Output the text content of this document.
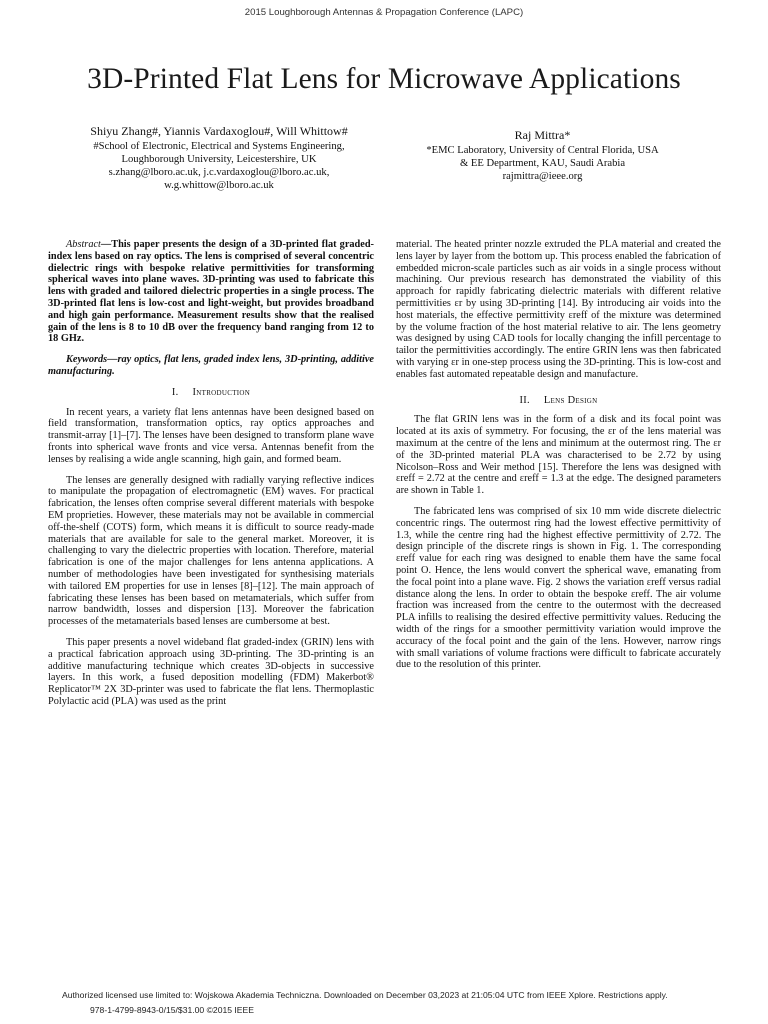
2015 Loughborough Antennas & Propagation Conference (LAPC)
3D-Printed Flat Lens for Microwave Applications
Shiyu Zhang#, Yiannis Vardaxoglou#, Will Whittow#
#School of Electronic, Electrical and Systems Engineering,
Loughborough University, Leicestershire, UK
s.zhang@lboro.ac.uk, j.c.vardaxoglou@lboro.ac.uk,
w.g.whittow@lboro.ac.uk
Raj Mittra*
*EMC Laboratory, University of Central Florida, USA
& EE Department, KAU, Saudi Arabia
rajmittra@ieee.org

Abstract—This paper presents the design of a 3D-printed flat graded-index lens based on ray optics. The lens is comprised of several concentric dielectric rings with bespoke relative permittivities for transforming spherical waves into plane waves. 3D-printing was used to fabricate this lens with graded and tailored dielectric properties in a single process. The 3D-printed flat lens is low-cost and light-weight, but provides broadband and high gain performance. Measurement results show that the realised gain of the lens is 8 to 10 dB over the frequency band ranging from 12 to 18 GHz.

Keywords—ray optics, flat lens, graded index lens, 3D-printing, additive manufacturing.

I. Introduction

In recent years, a variety flat lens antennas have been designed based on field transformation, transformation optics, ray optics approaches and transmit-array [1]–[7]. The lenses have been designed to transform plane wave fronts into spherical wave fronts and vice versa. Antennas benefit from the lenses by realising a wide angle scanning, high gain, and formed beam.

The lenses are generally designed with radially varying reflective indices to manipulate the propagation of electromagnetic (EM) waves. For practical fabrication, the lenses often comprise several different materials with bespoke EM proprieties. However, these materials may not be available in commercial off-the-shelf (COTS) form, which means it is difficult to source ready-made materials that are available for sale to the general market. Moreover, it is challenging to vary the dielectric properties with location. Therefore, material fabrication is one of the major challenges for lens antenna applications. A number of methodologies have been investigated for synthesising materials with tailored EM properties for use in lenses [8]–[12]. The main approach of fabricating these lenses has been based on metamaterials, which suffer from narrow bandwidth, losses and dispersion [13]. Moreover the fabrication processes of the metamaterials based lenses are cumbersome at best.

This paper presents a novel wideband flat graded-index (GRIN) lens with a practical fabrication approach using 3D-printing. The 3D-printing is an additive manufacturing technique which creates 3D-objects in successive layers. In this work, a fused deposition modelling (FDM) Makerbot® Replicator™ 2X 3D-printer was used to fabricate the flat lens. Thermoplastic Polylactic acid (PLA) was used as the print

material. The heated printer nozzle extruded the PLA material and created the lens layer by layer from the bottom up. This process enabled the fabrication of embedded micron-scale particles such as air voids in a single process without machining. Our previous research has demonstrated the viability of this approach for rapidly fabricating dielectric materials with different relative permittivities εr by using 3D-printing [14]. By introducing air voids into the host materials, the effective permittivity εreff of the mixture was determined by the volume fraction of the host material relative to air. The lens geometry was designed by using CAD tools for locally changing the infill percentage to tailor the permittivities accordingly. The entire GRIN lens was then fabricated with varying εr in one-step process using the 3D-printing. This is low-cost and enables fast automated repeatable design and manufacture.

II. Lens Design

The flat GRIN lens was in the form of a disk and its focal point was located at its axis of symmetry. For focusing, the εr of the lens material was maximum at the centre of the lens and minimum at the outermost ring. The εr of the 3D-printed material PLA was characterised to be 2.72 by using Nicolson–Ross and Weir method [15]. Therefore the lens was designed with εreff = 2.72 at the centre and εreff = 1.3 at the edge. The designed parameters are shown in Table 1.

The fabricated lens was comprised of six 10 mm wide discrete dielectric concentric rings. The outermost ring had the lowest effective permittivity of 1.3, while the centre ring had the highest effective permittivity of 2.72. The design principle of the discrete rings is shown in Fig. 1. The corresponding εreff value for each ring was designed to enable them have the same focal point O. Hence, the lens would convert the spherical wave, emanating from the focal point into a plane wave. Fig. 2 shows the variation εreff versus radial distance along the lens. In order to obtain the bespoke εreff. The air volume fraction was increased from the centre to the outermost with the decreased PLA infills to realising the desired effective permittivity values. Reducing the width of the rings for a smoother permittivity variation would improve the accuracy of the focal point and the gain of the lens. However, narrow rings with small variations of volume fractions were difficult to fabricate accurately due to the resolution of this printer.

Authorized licensed use limited to: Wojskowa Akademia Techniczna. Downloaded on December 03,2023 at 21:05:04 UTC from IEEE Xplore. Restrictions apply.
978-1-4799-8943-0/15/$31.00 ©2015 IEEE
